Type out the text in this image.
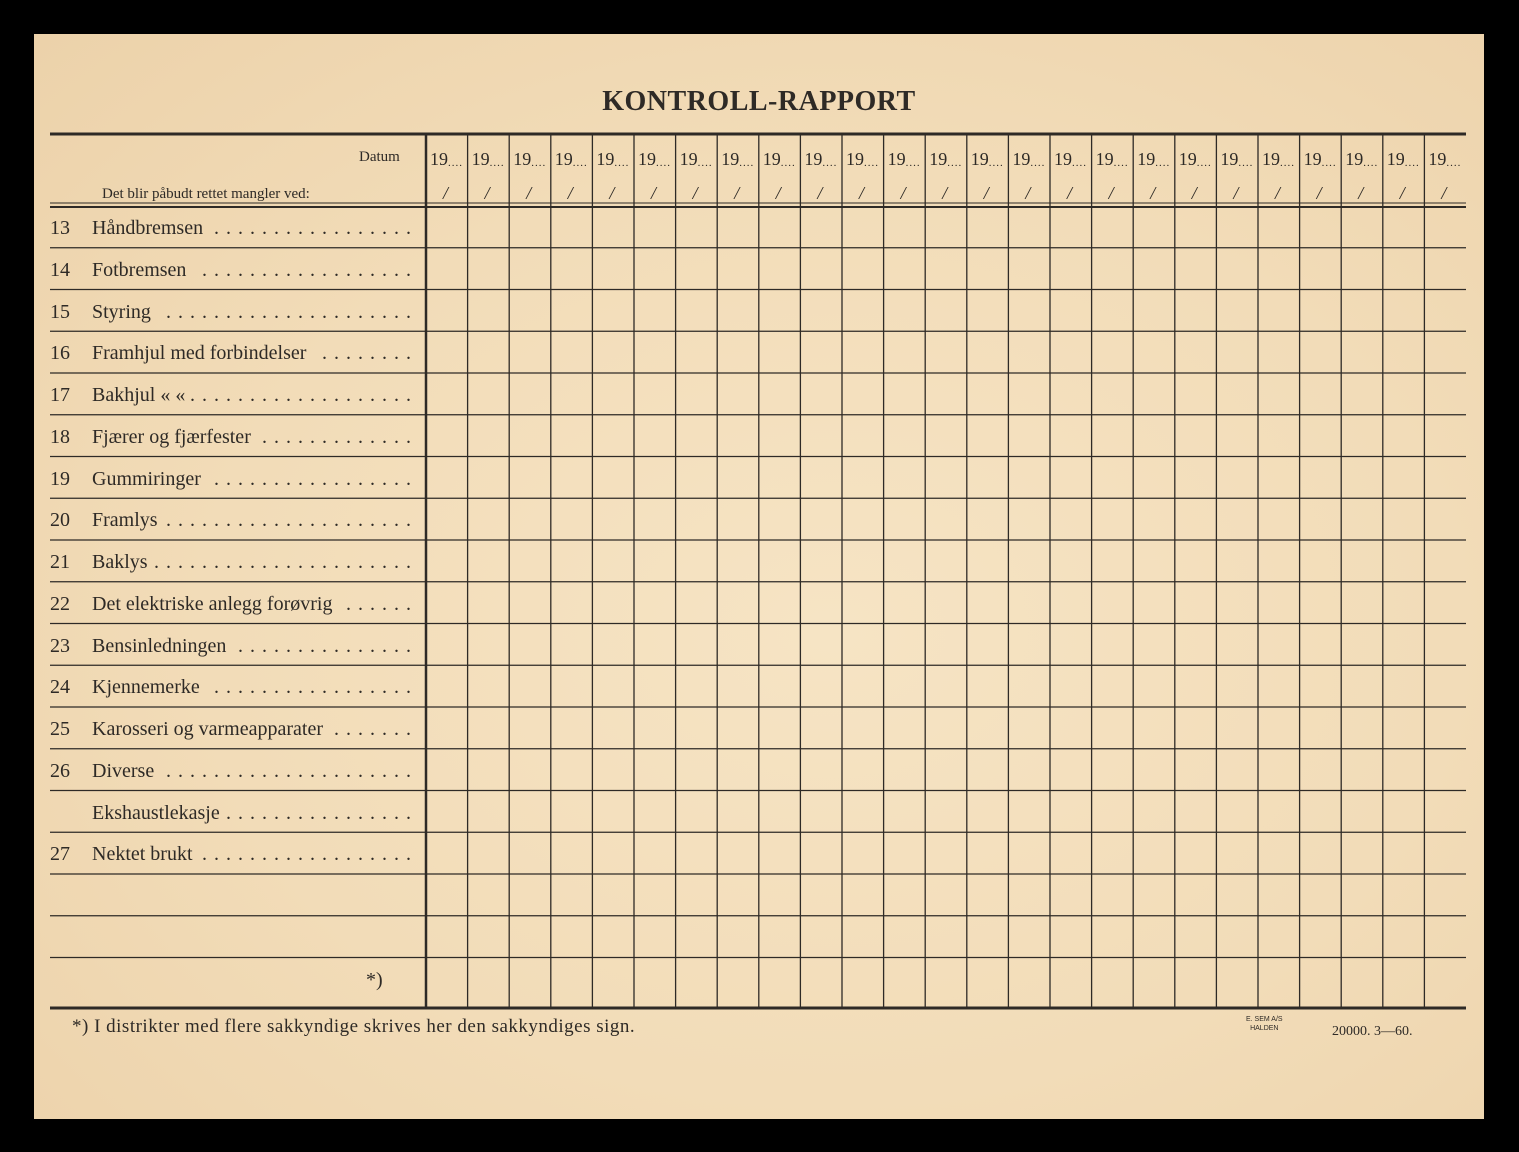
KONTROLL-RAPPORT
Datum
Det blir påbudt rettet mangler ved:
19 ....
/
19 ....
/
19 ....
/
19 ....
/
19 ....
/
19 ....
/
19 ....
/
19 ....
/
19 ....
/
19 ....
/
19 ....
/
19 ....
/
19 ....
/
19 ....
/
19 ....
/
19 ....
/
19 ....
/
19 ....
/
19 ....
/
19 ....
/
19 ....
/
19 ....
/
19 ....
/
19 ....
/
19 ....
/
13 Håndbremsen .................
14 Fotbremsen ..................
15 Styring .....................
16 Framhjul med forbindelser ........
17 Bakhjul « « ...................
18 Fjærer og fjærfester .............
19 Gummiringer .................
20 Framlys .....................
21 Baklys ......................
22 Det elektriske anlegg forøvrig ......
23 Bensinledningen ...............
24 Kjennemerke .................
25 Karosseri og varmeapparater .......
26 Diverse .....................
Ekshaustlekasje ................
27 Nektet brukt ..................
*)
*) I distrikter med flere sakkyndige skrives her den sakkyndiges sign.	E. SEM A/S
HALDEN	20000. 3—60.
